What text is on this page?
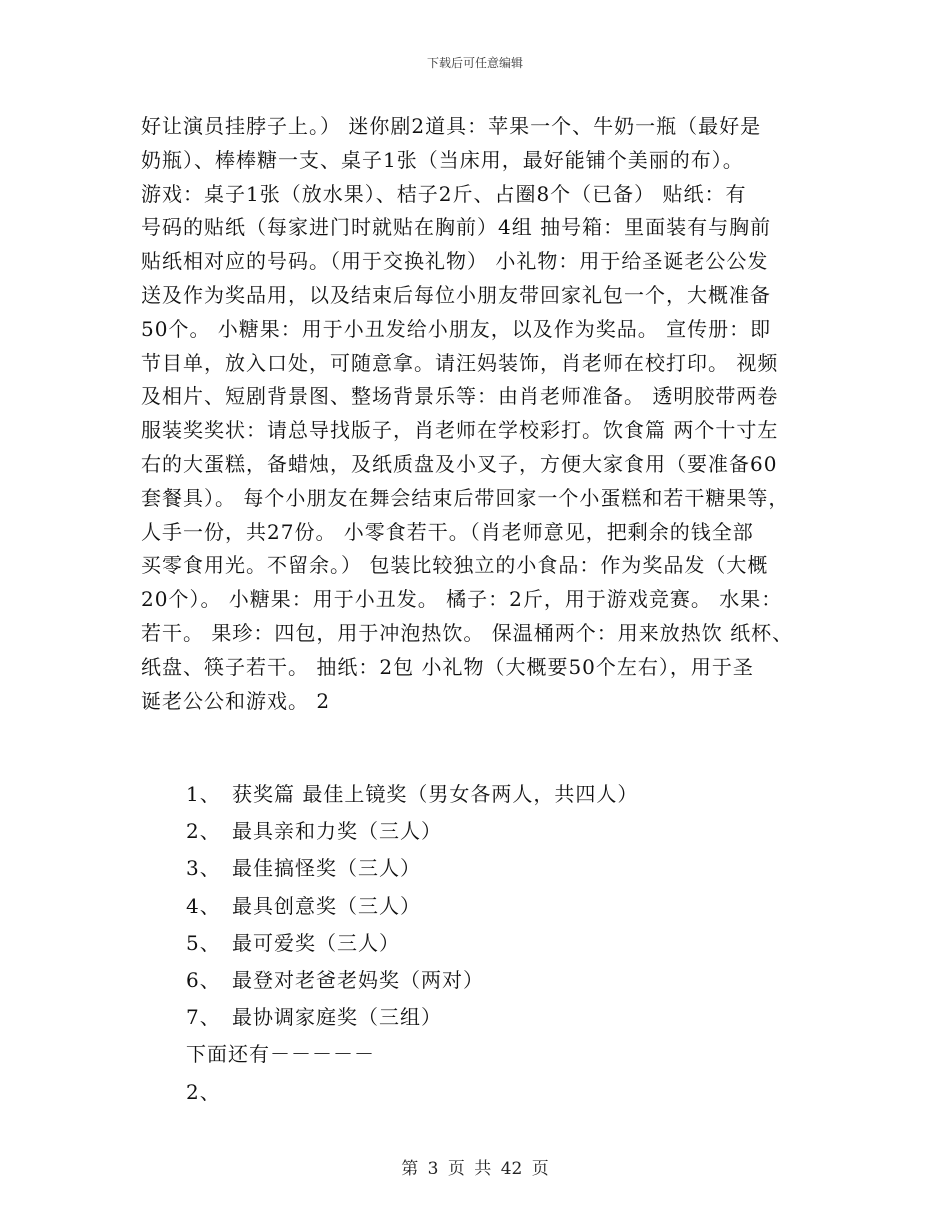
下载后可任意编辑
好让演员挂脖子上。） 迷你剧2道具：苹果一个、牛奶一瓶（最好是
奶瓶）、棒棒糖一支、桌子1张（当床用，最好能铺个美丽的布）。
游戏：桌子1张（放水果）、桔子2斤、占圈8个（已备） 贴纸：有
号码的贴纸（每家进门时就贴在胸前）4组 抽号箱：里面装有与胸前
贴纸相对应的号码。（用于交换礼物） 小礼物：用于给圣诞老公公发
送及作为奖品用，以及结束后每位小朋友带回家礼包一个，大概准备
50个。 小糖果：用于小丑发给小朋友，以及作为奖品。 宣传册：即
节目单，放入口处，可随意拿。请汪妈装饰，肖老师在校打印。 视频
及相片、短剧背景图、整场背景乐等：由肖老师准备。 透明胶带两卷
服装奖奖状：请总导找版子，肖老师在学校彩打。饮食篇 两个十寸左
右的大蛋糕，备蜡烛，及纸质盘及小叉子，方便大家食用（要准备60
套餐具）。 每个小朋友在舞会结束后带回家一个小蛋糕和若干糖果等，
人手一份，共27份。 小零食若干。（肖老师意见，把剩余的钱全部
买零食用光。不留余。） 包装比较独立的小食品：作为奖品发（大概
20个）。 小糖果：用于小丑发。 橘子：2斤，用于游戏竞赛。 水果：
若干。 果珍：四包，用于冲泡热饮。 保温桶两个：用来放热饮 纸杯、
纸盘、筷子若干。 抽纸：2包 小礼物（大概要50个左右），用于圣
诞老公公和游戏。 2
1、 获奖篇 最佳上镜奖（男女各两人，共四人）
2、 最具亲和力奖（三人）
3、 最佳搞怪奖（三人）
4、 最具创意奖（三人）
5、 最可爱奖（三人）
6、 最登对老爸老妈奖（两对）
7、 最协调家庭奖（三组）
下面还有－－－－－
2、
第 3 页 共 42 页
